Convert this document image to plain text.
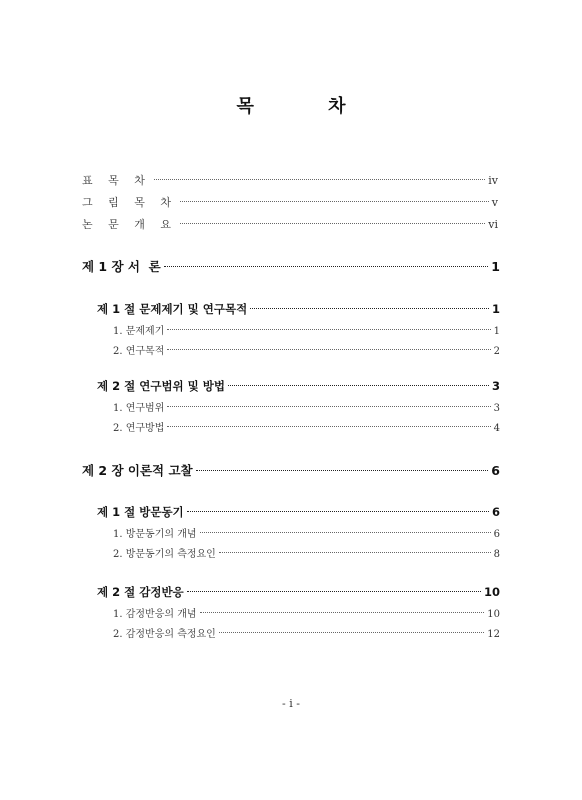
목 차
표 목 차	iv
그 림 목 차	v
논 문 개 요	vi
제 1 장 서  론	1
제 1 절 문제제기 및 연구목적	1
1. 문제제기	1
2. 연구목적	2
제 2 절 연구범위 및 방법	3
1. 연구범위	3
2. 연구방법	4
제 2 장 이론적 고찰	6
제 1 절 방문동기	6
1. 방문동기의 개념	6
2. 방문동기의 측정요인	8
제 2 절 감정반응	10
1. 감정반응의 개념	10
2. 감정반응의 측정요인	12
- i -
